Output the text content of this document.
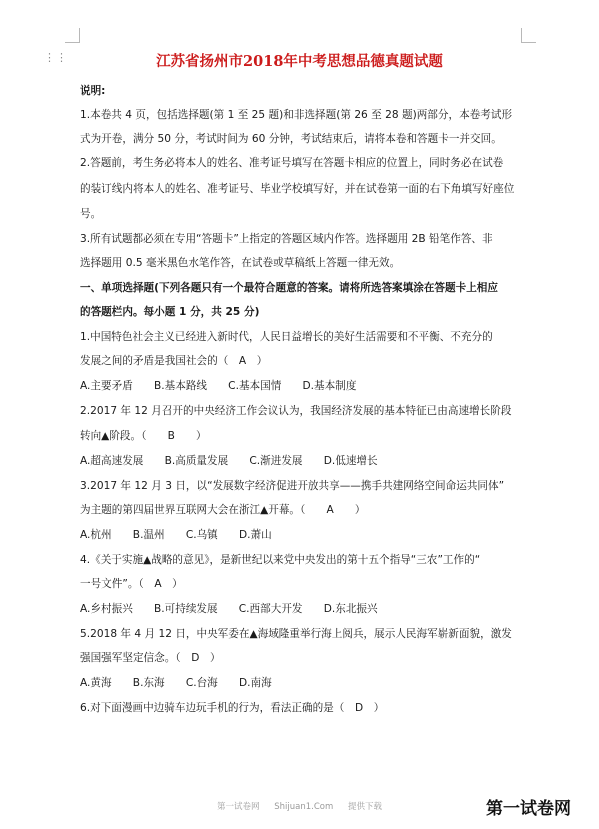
⋮⋮	江苏省扬州市2018年中考思想品德真题试题
说明:
1.本卷共 4 页，包括选择题(第 1 至 25 题)和非选择题(第 26 至 28 题)两部分，本卷考试形
式为开卷，满分 50 分，考试时间为 60 分钟，考试结束后，请将本卷和答题卡一并交回。
2.答题前，考生务必将本人的姓名、准考证号填写在答题卡相应的位置上，同时务必在试卷
的装订线内将本人的姓名、准考证号、毕业学校填写好，并在试卷第一面的右下角填写好座位
号。
3.所有试题都必须在专用“答题卡”上指定的答题区域内作答。选择题用 2B 铅笔作答、非
选择题用 0.5 毫米黑色水笔作答，在试卷或草稿纸上答题一律无效。
一、单项选择题(下列各题只有一个最符合题意的答案。请将所选答案填涂在答题卡上相应
的答题栏内。每小题 1 分，共 25 分)
1.中国特色社会主义已经进入新时代，人民日益增长的美好生活需要和不平衡、不充分的
发展之间的矛盾是我国社会的（　A　）
A.主要矛盾　　B.基本路线　　C.基本国情　　D.基本制度
2.2017 年 12 月召开的中央经济工作会议认为，我国经济发展的基本特征已由高速增长阶段
转向▲阶段。（　　B　　）
A.超高速发展　　B.高质量发展　　C.渐进发展　　D.低速增长
3.2017 年 12 月 3 日，以“发展数字经济促进开放共享——携手共建网络空间命运共同体”
为主题的第四届世界互联网大会在浙江▲开幕。（　　A　　）
A.杭州　　B.温州　　C.乌镇　　D.萧山
4.《关于实施▲战略的意见》，是新世纪以来党中央发出的第十五个指导“三农”工作的“
一号文件”。（　A　）
A.乡村振兴　　B.可持续发展　　C.西部大开发　　D.东北振兴
5.2018 年 4 月 12 日，中央军委在▲海域隆重举行海上阅兵，展示人民海军崭新面貌，激发
强国强军坚定信念。（　D　）
A.黄海　　B.东海　　C.台海　　D.南海
6.对下面漫画中边骑车边玩手机的行为，看法正确的是（　D　）
第一试卷网 Shijuan1.Com 提供下载	第一试卷网
